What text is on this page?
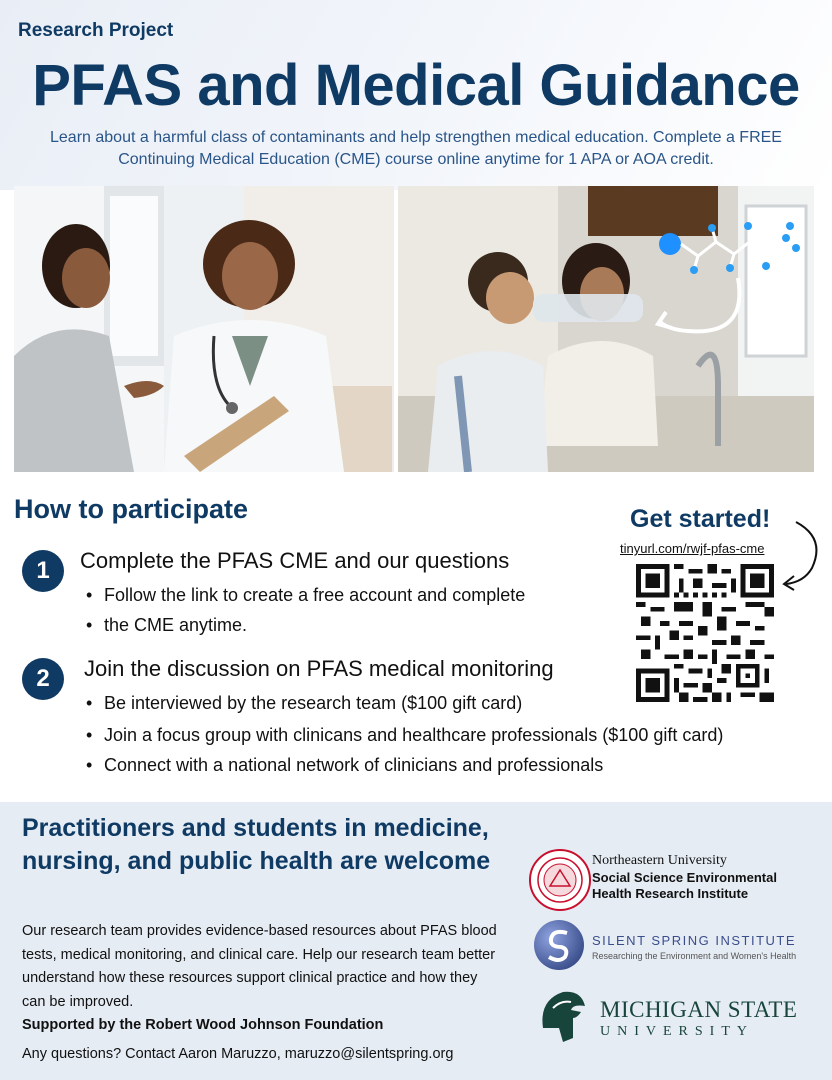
Research Project
PFAS and Medical Guidance

Learn about a harmful class of contaminants and help strengthen medical education. Complete a FREE Continuing Medical Education (CME) course online anytime for 1 APA or AOA credit.

How to participate
1	Complete the PFAS CME and our questions
• Follow the link to create a free account and complete
• the CME anytime.
2	Join the discussion on PFAS medical monitoring
• Be interviewed by the research team ($100 gift card)
• Join a focus group with clinicans and healthcare professionals ($100 gift card)
• Connect with a national network of clinicians and professionals
Get started!
tinyurl.com/rwjf-pfas-cme
Practitioners and students in medicine, nursing, and public health are welcome

Our research team provides evidence-based resources about PFAS blood tests, medical monitoring, and clinical care. Help our research team better understand how these resources support clinical practice and how they can be improved.

Supported by the Robert Wood Johnson Foundation
Any questions? Contact Aaron Maruzzo, maruzzo@silentspring.org
Northeastern University
Social Science Environmental
Health Research Institute
SILENT SPRING INSTITUTE
Researching the Environment and Women's Health
MICHIGAN STATE
UNIVERSITY
